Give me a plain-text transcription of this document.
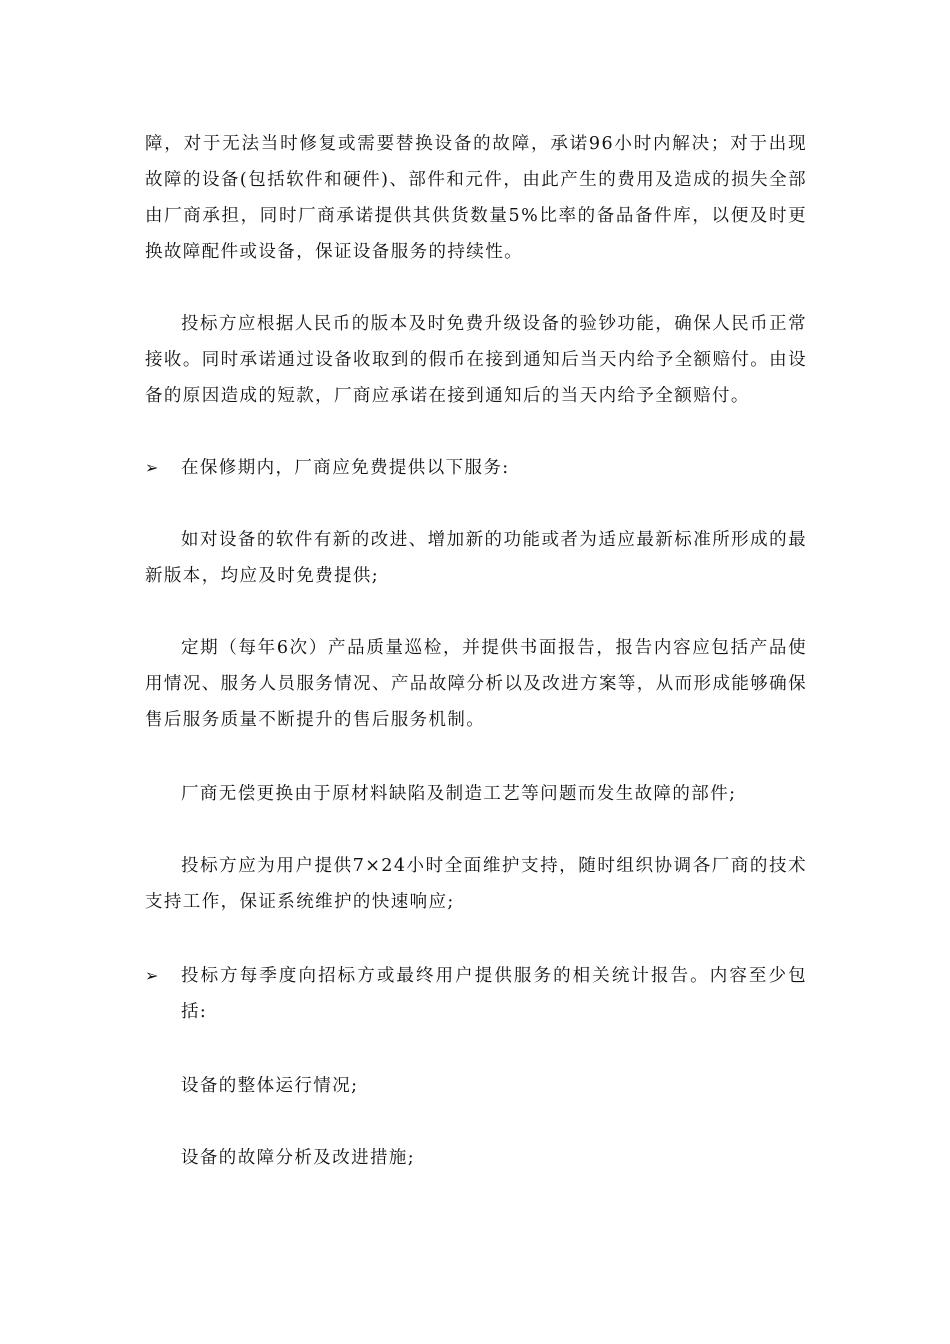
障，对于无法当时修复或需要替换设备的故障，承诺96小时内解决；对于出现故障的设备(包括软件和硬件)、部件和元件，由此产生的费用及造成的损失全部由厂商承担，同时厂商承诺提供其供货数量5%比率的备品备件库，以便及时更换故障配件或设备，保证设备服务的持续性。

投标方应根据人民币的版本及时免费升级设备的验钞功能，确保人民币正常接收。同时承诺通过设备收取到的假币在接到通知后当天内给予全额赔付。由设备的原因造成的短款，厂商应承诺在接到通知后的当天内给予全额赔付。

➢	在保修期内，厂商应免费提供以下服务:

如对设备的软件有新的改进、增加新的功能或者为适应最新标准所形成的最新版本，均应及时免费提供;

定期（每年6次）产品质量巡检，并提供书面报告，报告内容应包括产品使用情况、服务人员服务情况、产品故障分析以及改进方案等，从而形成能够确保售后服务质量不断提升的售后服务机制。

厂商无偿更换由于原材料缺陷及制造工艺等问题而发生故障的部件;

投标方应为用户提供7×24小时全面维护支持，随时组织协调各厂商的技术支持工作，保证系统维护的快速响应;

➢	投标方每季度向招标方或最终用户提供服务的相关统计报告。内容至少包括:

设备的整体运行情况;

设备的故障分析及改进措施;
